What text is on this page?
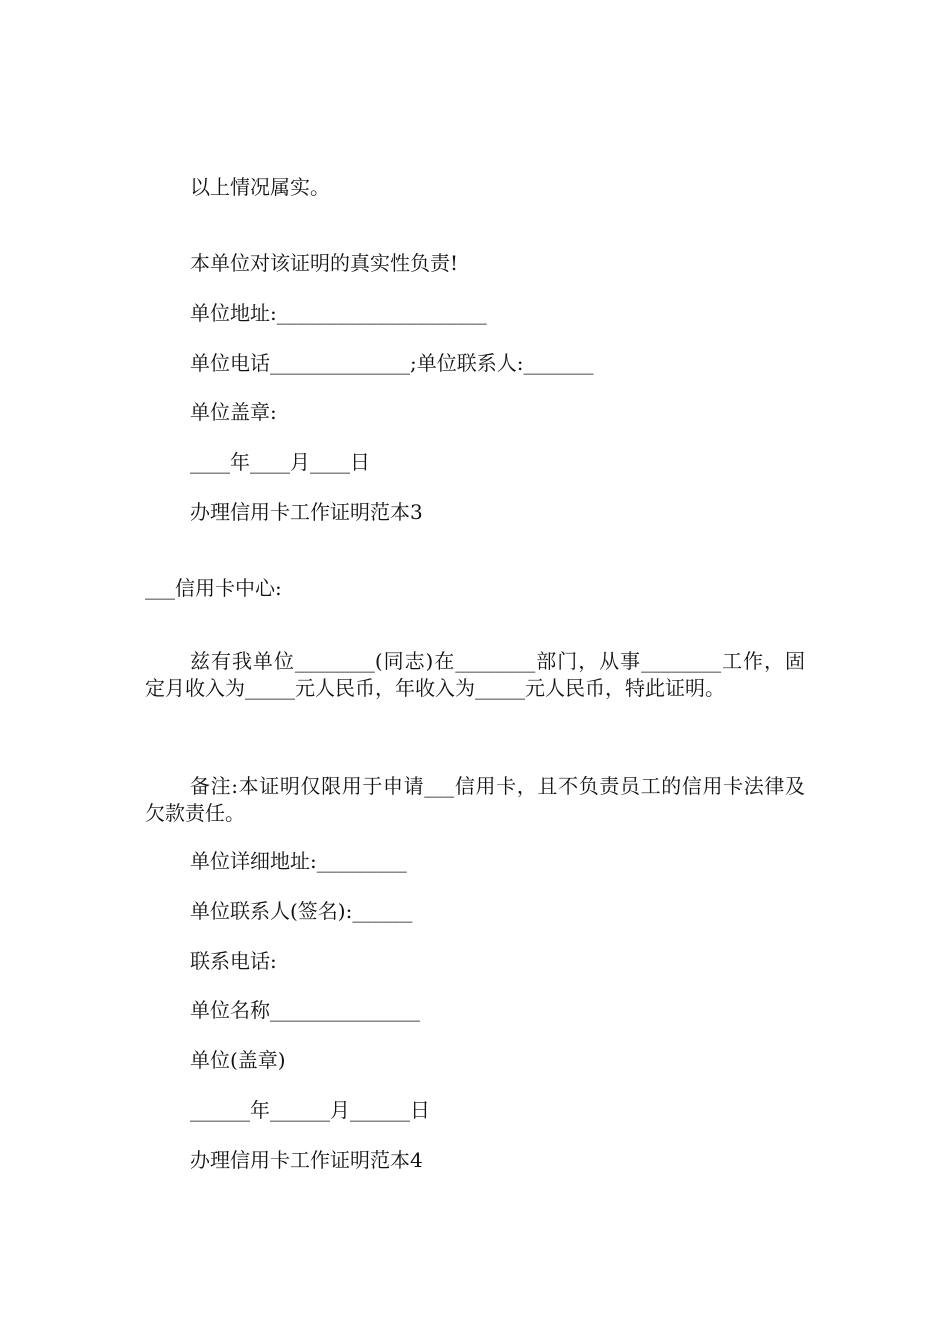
以上情况属实。
本单位对该证明的真实性负责!
单位地址:_____________________
单位电话______________;单位联系人:_______
单位盖章:
____年____月____日
办理信用卡工作证明范本3
___信用卡中心:
兹有我单位________(同志)在________部门，从事________工作，固定月收入为_____元人民币，年收入为_____元人民币，特此证明。
备注:本证明仅限用于申请___信用卡，且不负责员工的信用卡法律及欠款责任。
单位详细地址:_________
单位联系人(签名):______
联系电话:
单位名称_______________
单位(盖章)
______年______月______日
办理信用卡工作证明范本4
